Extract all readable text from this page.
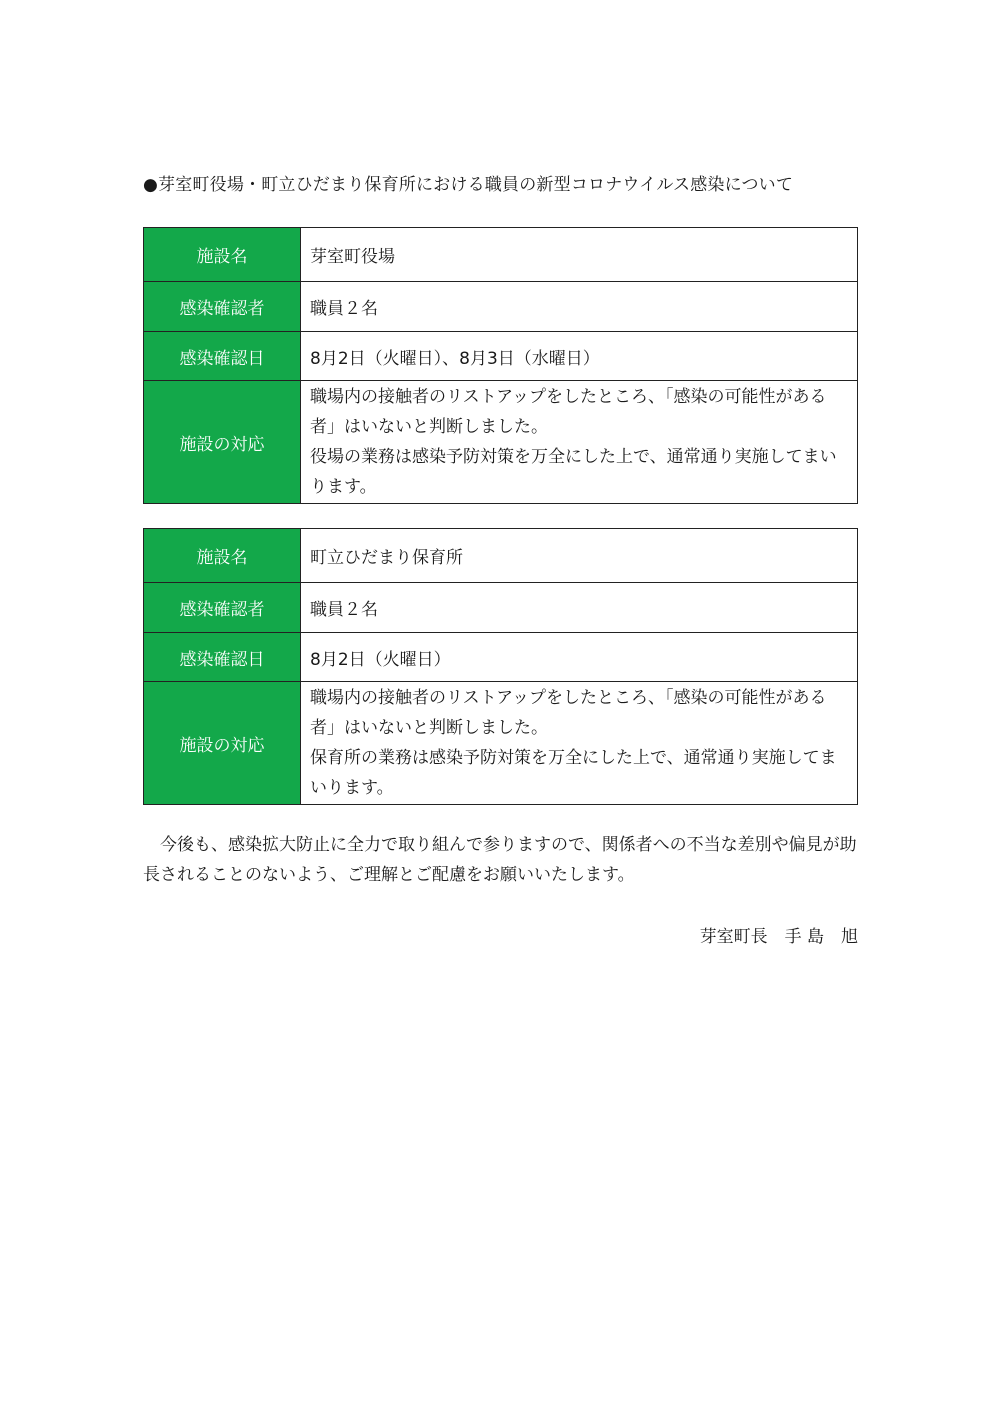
●芽室町役場・町立ひだまり保育所における職員の新型コロナウイルス感染について
施設名	芽室町役場
感染確認者	職員２名
感染確認日	8月2日（火曜日）、8月3日（水曜日）
施設の対応	職場内の接触者のリストアップをしたところ、「感染の可能性がある
者」はいないと判断しました。
役場の業務は感染予防対策を万全にした上で、通常通り実施してまい
ります。
施設名	町立ひだまり保育所
感染確認者	職員２名
感染確認日	8月2日（火曜日）
施設の対応	職場内の接触者のリストアップをしたところ、「感染の可能性がある
者」はいないと判断しました。
保育所の業務は感染予防対策を万全にした上で、通常通り実施してま
いります。
今後も、感染拡大防止に全力で取り組んで参りますので、関係者への不当な差別や偏見が助
長されることのないよう、ご理解とご配慮をお願いいたします。
芽室町長　手 島　旭
